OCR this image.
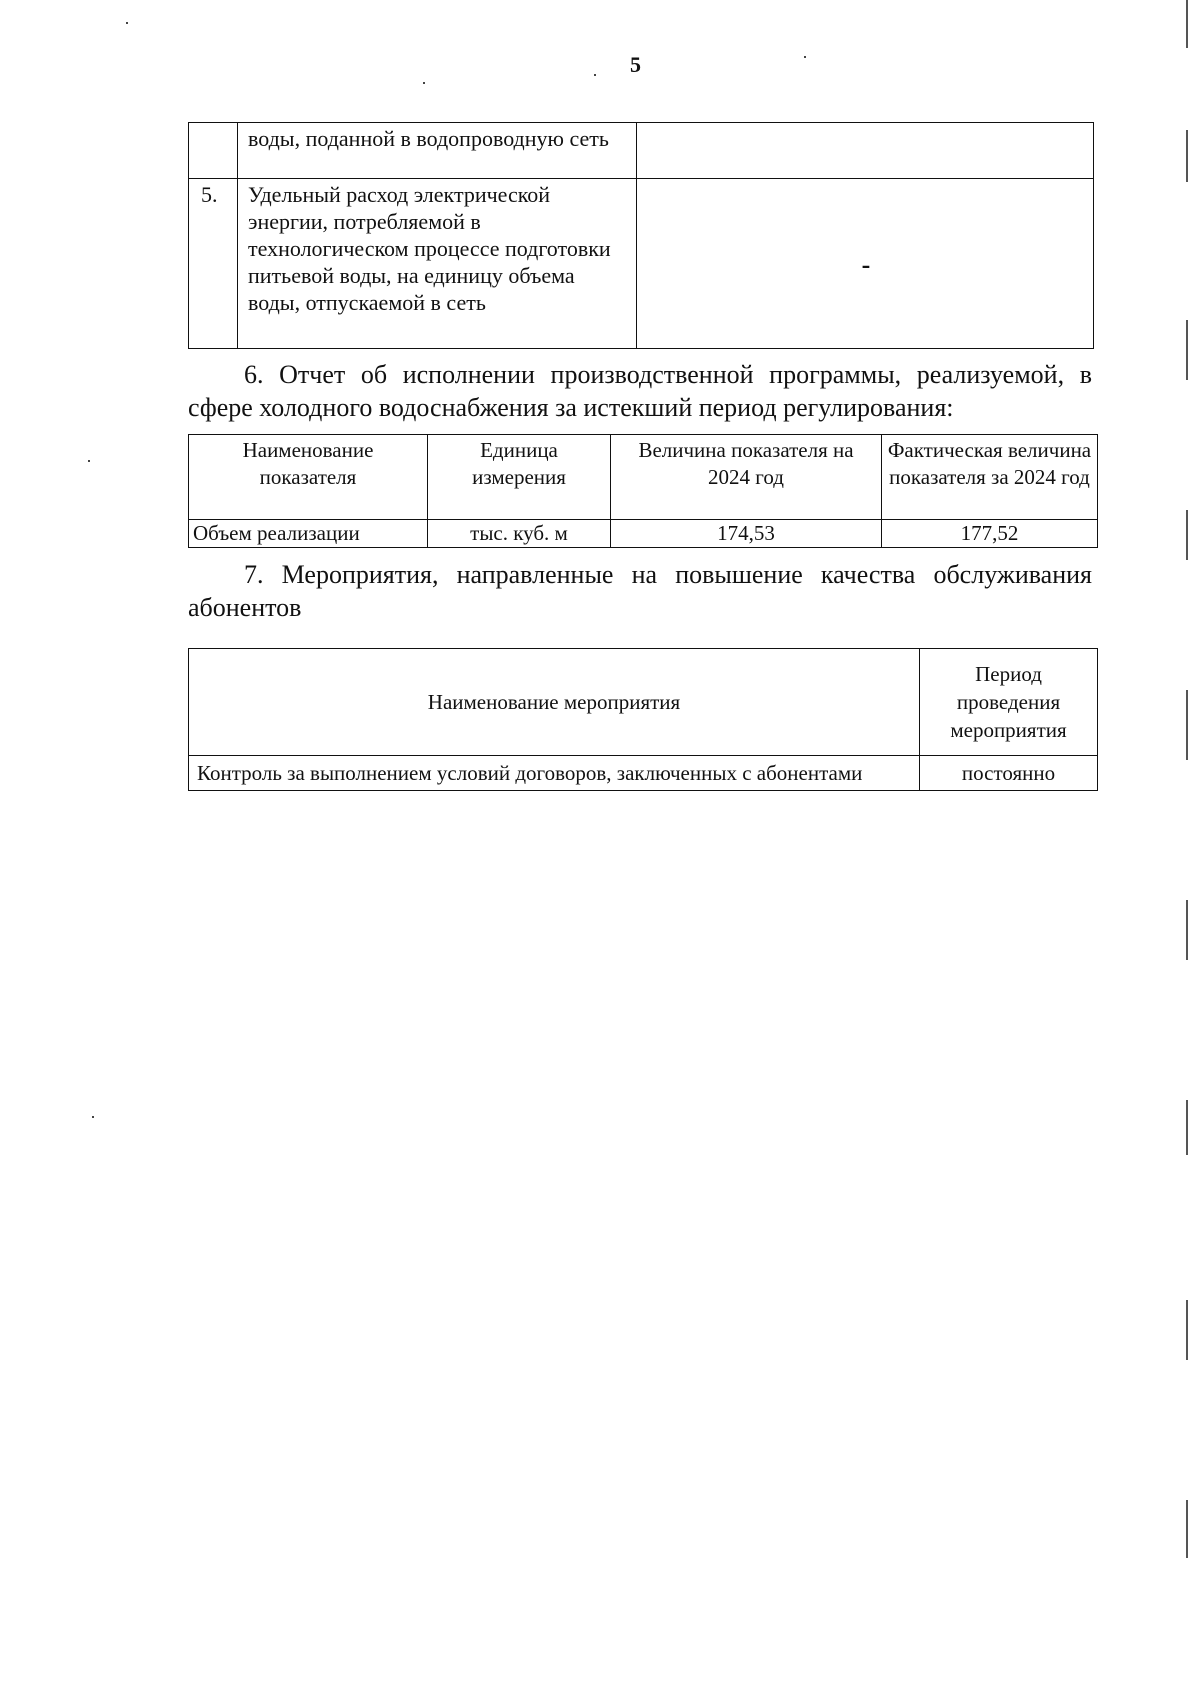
5
	воды, поданной в водопроводную сеть	
5.	Удельный расход электрической энергии, потребляемой в технологическом процессе подготовки питьевой воды, на единицу объема воды, отпускаемой в сеть	-
6. Отчет об исполнении производственной программы, реализуемой, в сфере холодного водоснабжения за истекший период регулирования:
Наименование показателя	Единица измерения	Величина показателя на 2024 год	Фактическая величина показателя за 2024 год
Объем реализации	тыс. куб. м	174,53	177,52
7. Мероприятия, направленные на повышение качества обслуживания абонентов
Наименование мероприятия	Период проведения мероприятия
Контроль за выполнением условий договоров, заключенных с абонентами	постоянно
